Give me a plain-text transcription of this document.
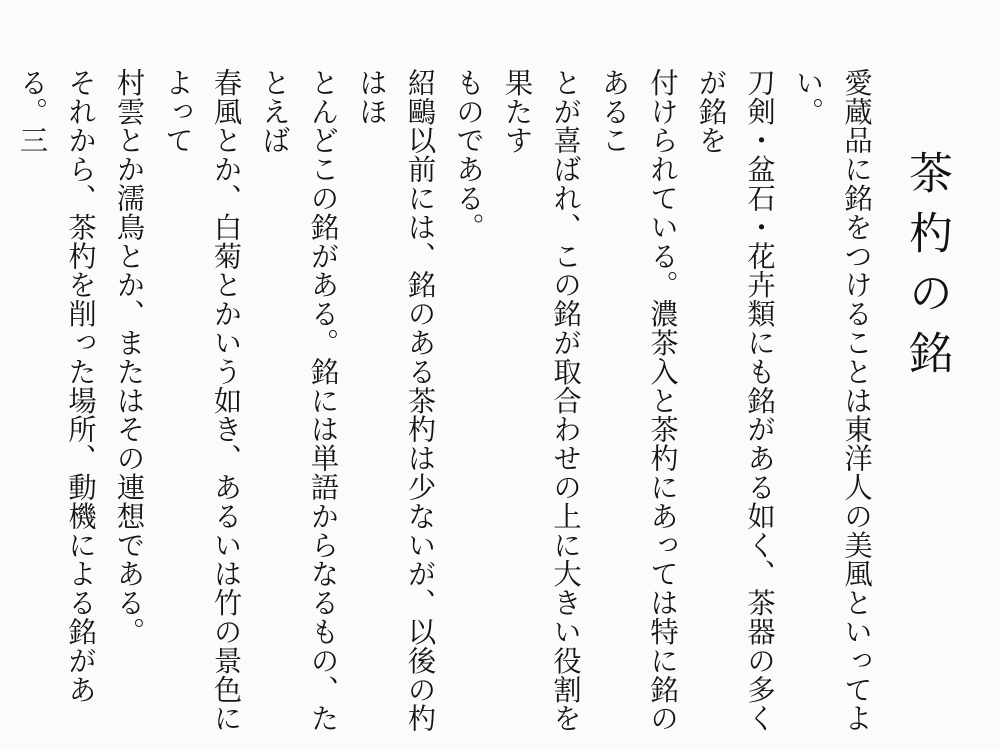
茶杓の銘

愛蔵品に銘をつけることは東洋人の美風といってよい。
刀剣・盆石・花卉類にも銘がある如く、茶器の多くが銘を
付けられている。濃茶入と茶杓にあっては特に銘のあるこ
とが喜ばれ、この銘が取合わせの上に大きい役割を果たす
ものである。

紹鷗以前には、銘のある茶杓は少ないが、以後の杓はほ
とんどこの銘がある。銘には単語からなるもの、たとえば
春風とか、白菊とかいう如き、あるいは竹の景色によって
村雲とか濡鳥とか、またはその連想である。

それから、茶杓を削った場所、動機による銘がある。三
